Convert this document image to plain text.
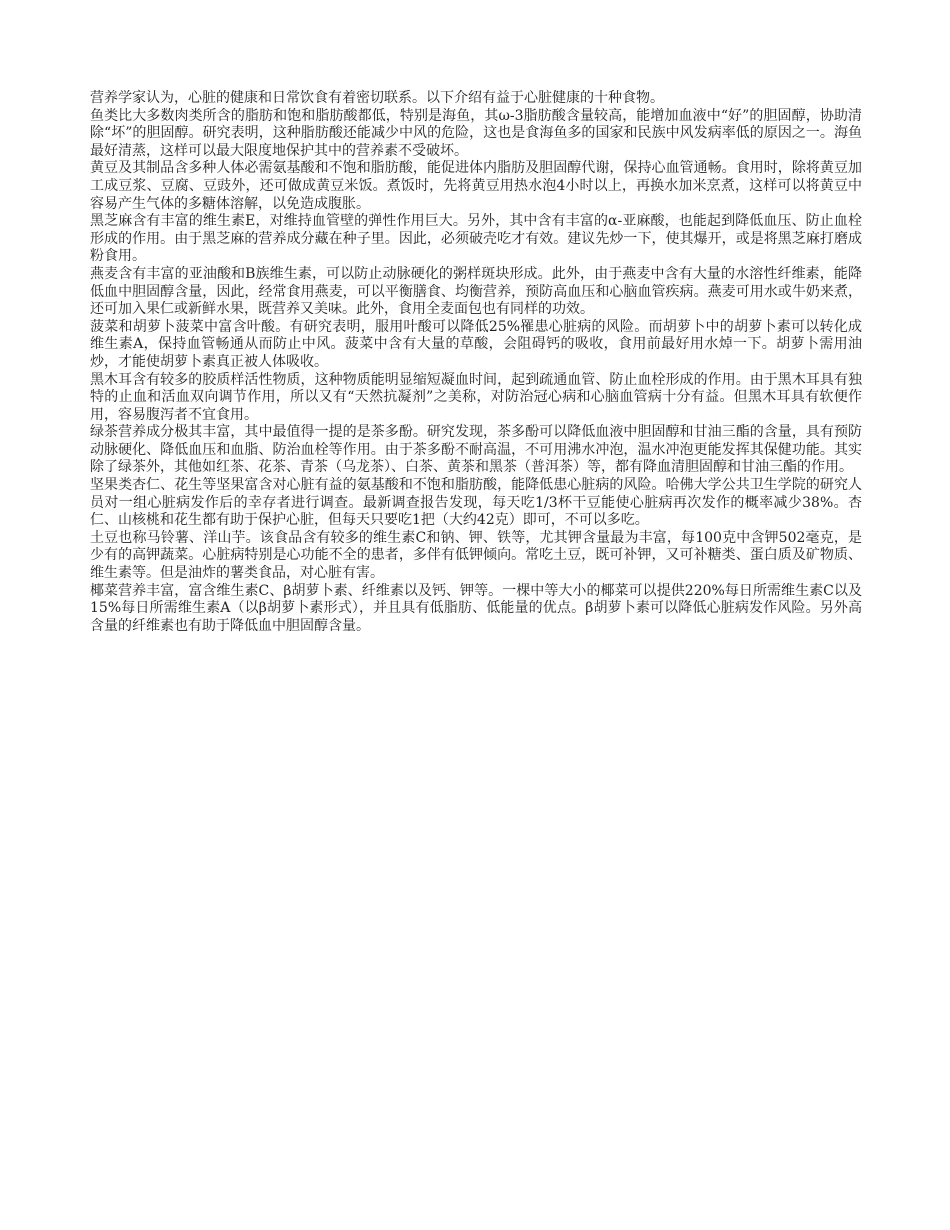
营养学家认为，心脏的健康和日常饮食有着密切联系。以下介绍有益于心脏健康的十种食物。

鱼类比大多数肉类所含的脂肪和饱和脂肪酸都低，特别是海鱼，其ω-3脂肪酸含量较高，能增加血液中“好”的胆固醇，协助清除“坏”的胆固醇。研究表明，这种脂肪酸还能减少中风的危险，这也是食海鱼多的国家和民族中风发病率低的原因之一。海鱼最好清蒸，这样可以最大限度地保护其中的营养素不受破坏。

黄豆及其制品含多种人体必需氨基酸和不饱和脂肪酸，能促进体内脂肪及胆固醇代谢，保持心血管通畅。食用时，除将黄豆加工成豆浆、豆腐、豆豉外，还可做成黄豆米饭。煮饭时，先将黄豆用热水泡4小时以上，再换水加米烹煮，这样可以将黄豆中容易产生气体的多糖体溶解，以免造成腹胀。

黑芝麻含有丰富的维生素E，对维持血管壁的弹性作用巨大。另外，其中含有丰富的α-亚麻酸，也能起到降低血压、防止血栓形成的作用。由于黑芝麻的营养成分藏在种子里。因此，必须破壳吃才有效。建议先炒一下，使其爆开，或是将黑芝麻打磨成粉食用。

燕麦含有丰富的亚油酸和B族维生素，可以防止动脉硬化的粥样斑块形成。此外，由于燕麦中含有大量的水溶性纤维素，能降低血中胆固醇含量，因此，经常食用燕麦，可以平衡膳食、均衡营养，预防高血压和心脑血管疾病。燕麦可用水或牛奶来煮，还可加入果仁或新鲜水果，既营养又美味。此外，食用全麦面包也有同样的功效。

菠菜和胡萝卜菠菜中富含叶酸。有研究表明，服用叶酸可以降低25%罹患心脏病的风险。而胡萝卜中的胡萝卜素可以转化成维生素A，保持血管畅通从而防止中风。菠菜中含有大量的草酸，会阻碍钙的吸收，食用前最好用水焯一下。胡萝卜需用油炒，才能使胡萝卜素真正被人体吸收。

黑木耳含有较多的胶质样活性物质，这种物质能明显缩短凝血时间，起到疏通血管、防止血栓形成的作用。由于黑木耳具有独特的止血和活血双向调节作用，所以又有“天然抗凝剂”之美称，对防治冠心病和心脑血管病十分有益。但黑木耳具有软便作用，容易腹泻者不宜食用。

绿茶营养成分极其丰富，其中最值得一提的是茶多酚。研究发现，茶多酚可以降低血液中胆固醇和甘油三酯的含量，具有预防动脉硬化、降低血压和血脂、防治血栓等作用。由于茶多酚不耐高温，不可用沸水冲泡，温水冲泡更能发挥其保健功能。其实除了绿茶外，其他如红茶、花茶、青茶（乌龙茶）、白茶、黄茶和黑茶（普洱茶）等，都有降血清胆固醇和甘油三酯的作用。

坚果类杏仁、花生等坚果富含对心脏有益的氨基酸和不饱和脂肪酸，能降低患心脏病的风险。哈佛大学公共卫生学院的研究人员对一组心脏病发作后的幸存者进行调查。最新调查报告发现，每天吃1/3杯干豆能使心脏病再次发作的概率减少38%。杏仁、山核桃和花生都有助于保护心脏，但每天只要吃1把（大约42克）即可，不可以多吃。

土豆也称马铃薯、洋山芋。该食品含有较多的维生素C和钠、钾、铁等，尤其钾含量最为丰富，每100克中含钾502毫克，是少有的高钾蔬菜。心脏病特别是心功能不全的患者，多伴有低钾倾向。常吃土豆，既可补钾，又可补糖类、蛋白质及矿物质、维生素等。但是油炸的薯类食品，对心脏有害。

椰菜营养丰富，富含维生素C、β胡萝卜素、纤维素以及钙、钾等。一棵中等大小的椰菜可以提供220%每日所需维生素C以及15%每日所需维生素A（以β胡萝卜素形式），并且具有低脂肪、低能量的优点。β胡萝卜素可以降低心脏病发作风险。另外高含量的纤维素也有助于降低血中胆固醇含量。
